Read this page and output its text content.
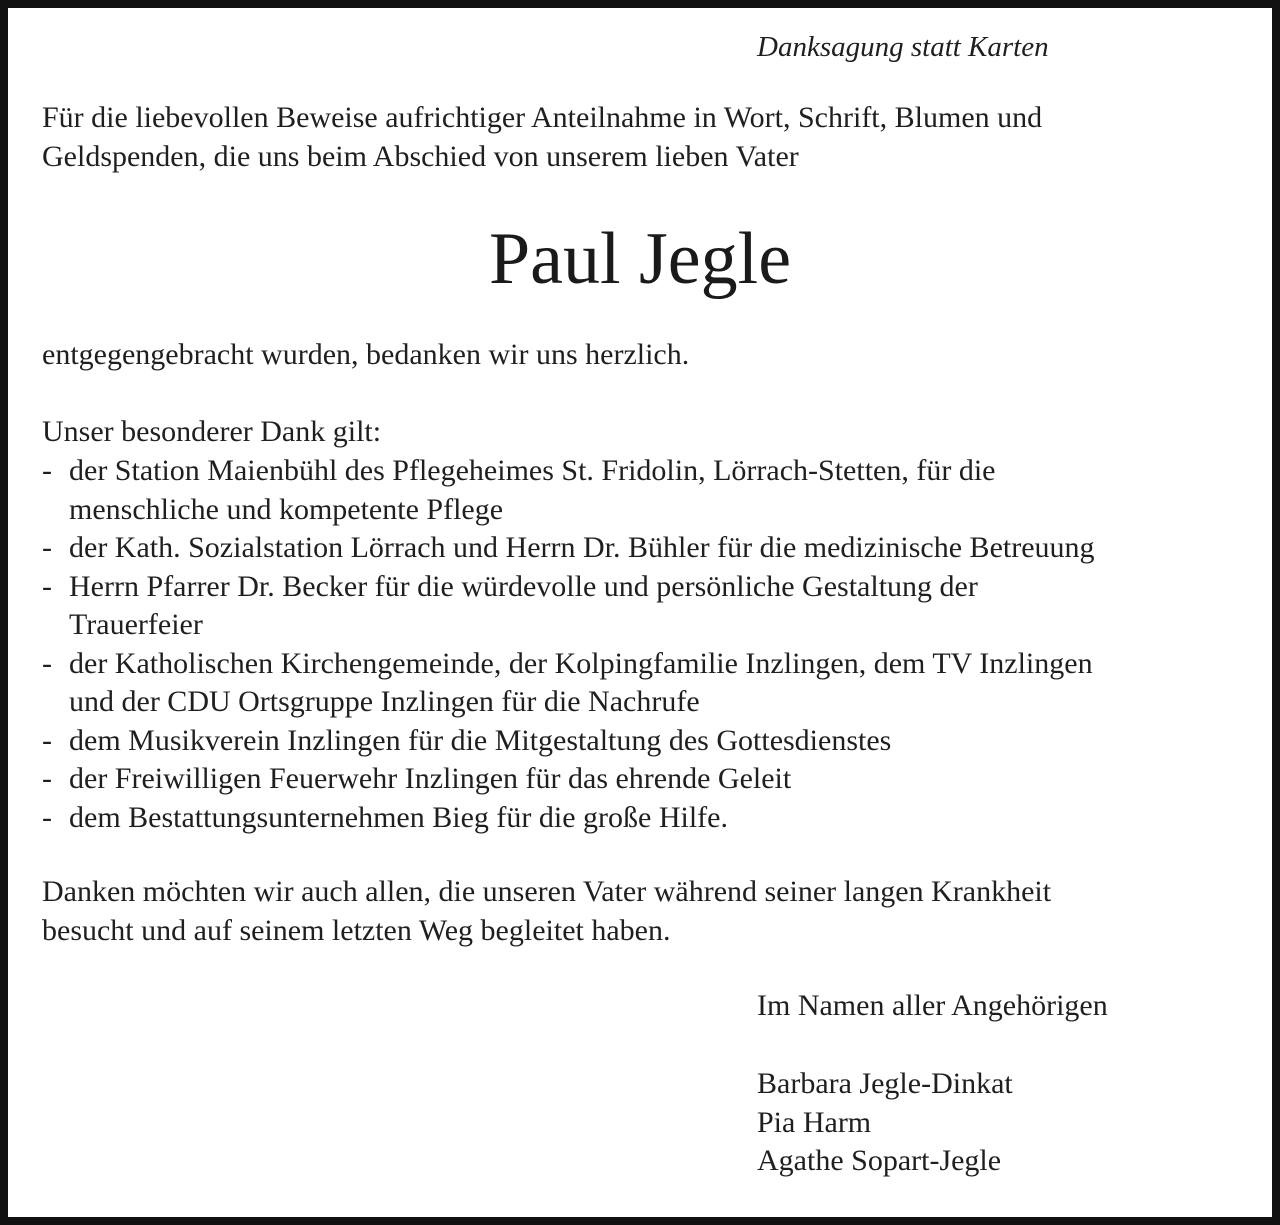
Danksagung statt Karten
Für die liebevollen Beweise aufrichtiger Anteilnahme in Wort, Schrift, Blumen und
Geldspenden, die uns beim Abschied von unserem lieben Vater
Paul Jegle
entgegengebracht wurden, bedanken wir uns herzlich.
Unser besonderer Dank gilt:
- der Station Maienbühl des Pflegeheimes St. Fridolin, Lörrach-Stetten, für die
menschliche und kompetente Pflege
- der Kath. Sozialstation Lörrach und Herrn Dr. Bühler für die medizinische Betreuung
- Herrn Pfarrer Dr. Becker für die würdevolle und persönliche Gestaltung der
Trauerfeier
- der Katholischen Kirchengemeinde, der Kolpingfamilie Inzlingen, dem TV Inzlingen
und der CDU Ortsgruppe Inzlingen für die Nachrufe
- dem Musikverein Inzlingen für die Mitgestaltung des Gottesdienstes
- der Freiwilligen Feuerwehr Inzlingen für das ehrende Geleit
- dem Bestattungsunternehmen Bieg für die große Hilfe.
Danken möchten wir auch allen, die unseren Vater während seiner langen Krankheit
besucht und auf seinem letzten Weg begleitet haben.
Im Namen aller Angehörigen
Barbara Jegle-Dinkat
Pia Harm
Agathe Sopart-Jegle
